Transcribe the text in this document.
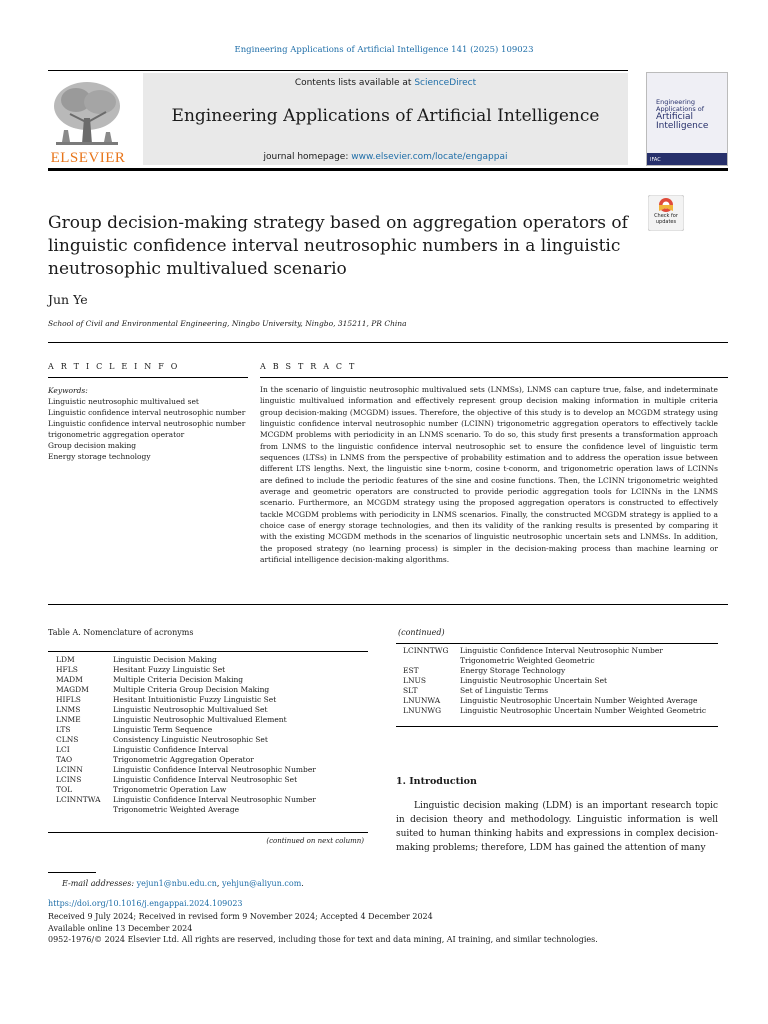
Engineering Applications of Artificial Intelligence 141 (2025) 109023
ELSEVIER
Contents lists available at ScienceDirect
Engineering Applications of Artificial Intelligence
journal homepage: www.elsevier.com/locate/engappai
Engineering Applications of
Artificial
Intelligence
IFAC
Check for
updates
Group decision-making strategy based on aggregation operators of
linguistic confidence interval neutrosophic numbers in a linguistic
neutrosophic multivalued scenario
Jun Ye
School of Civil and Environmental Engineering, Ningbo University, Ningbo, 315211, PR China
A R T I C L E I N F O	A B S T R A C T
Keywords:
Linguistic neutrosophic multivalued set
Linguistic confidence interval neutrosophic number
Linguistic confidence interval neutrosophic number trigonometric aggregation operator
Group decision making
Energy storage technology
In the scenario of linguistic neutrosophic multivalued sets (LNMSs), LNMS can capture true, false, and indeterminate linguistic multivalued information and effectively represent group decision making information in multiple criteria group decision-making (MCGDM) issues. Therefore, the objective of this study is to develop an MCGDM strategy using linguistic confidence interval neutrosophic number (LCINN) trigonometric aggregation operators to effectively tackle MCGDM problems with periodicity in an LNMS scenario. To do so, this study first presents a transformation approach from LNMS to the linguistic confidence interval neutrosophic set to ensure the confidence level of linguistic term sequences (LTSs) in LNMS from the perspective of probability estimation and to address the operation issue between different LTS lengths. Next, the linguistic sine t-norm, cosine t-conorm, and trigonometric operation laws of LCINNs are defined to include the periodic features of the sine and cosine functions. Then, the LCINN trigonometric weighted average and geometric operators are constructed to provide periodic aggregation tools for LCINNs in the LNMS scenario. Furthermore, an MCGDM strategy using the proposed aggregation operators is constructed to effectively tackle MCGDM problems with periodicity in LNMS scenarios. Finally, the constructed MCGDM strategy is applied to a choice case of energy storage technologies, and then its validity of the ranking results is presented by comparing it with the existing MCGDM methods in the scenarios of linguistic neutrosophic uncertain sets and LNMSs. In addition, the proposed strategy (no learning process) is simpler in the decision-making process than machine learning or artificial intelligence decision-making algorithms.
Table A. Nomenclature of acronyms
LDM	Linguistic Decision Making
HFLS	Hesitant Fuzzy Linguistic Set
MADM	Multiple Criteria Decision Making
MAGDM	Multiple Criteria Group Decision Making
HIFLS	Hesitant Intuitionistic Fuzzy Linguistic Set
LNMS	Linguistic Neutrosophic Multivalued Set
LNME	Linguistic Neutrosophic Multivalued Element
LTS	Linguistic Term Sequence
CLNS	Consistency Linguistic Neutrosophic Set
LCI	Linguistic Confidence Interval
TAO	Trigonometric Aggregation Operator
LCINN	Linguistic Confidence Interval Neutrosophic Number
LCINS	Linguistic Confidence Interval Neutrosophic Set
TOL	Trigonometric Operation Law
LCINNTWA	Linguistic Confidence Interval Neutrosophic Number Trigonometric Weighted Average
(continued on next column)
(continued)
LCINNTWG	Linguistic Confidence Interval Neutrosophic Number Trigonometric Weighted Geometric
EST	Energy Storage Technology
LNUS	Linguistic Neutrosophic Uncertain Set
SLT	Set of Linguistic Terms
LNUNWA	Linguistic Neutrosophic Uncertain Number Weighted Average
LNUNWG	Linguistic Neutrosophic Uncertain Number Weighted Geometric
1. Introduction
Linguistic decision making (LDM) is an important research topic in decision theory and methodology. Linguistic information is well suited to human thinking habits and expressions in complex decision-making problems; therefore, LDM has gained the attention of many
E-mail addresses: yejun1@nbu.edu.cn, yehjun@aliyun.com.
https://doi.org/10.1016/j.engappai.2024.109023
Received 9 July 2024; Received in revised form 9 November 2024; Accepted 4 December 2024
Available online 13 December 2024
0952-1976/© 2024 Elsevier Ltd. All rights are reserved, including those for text and data mining, AI training, and similar technologies.
